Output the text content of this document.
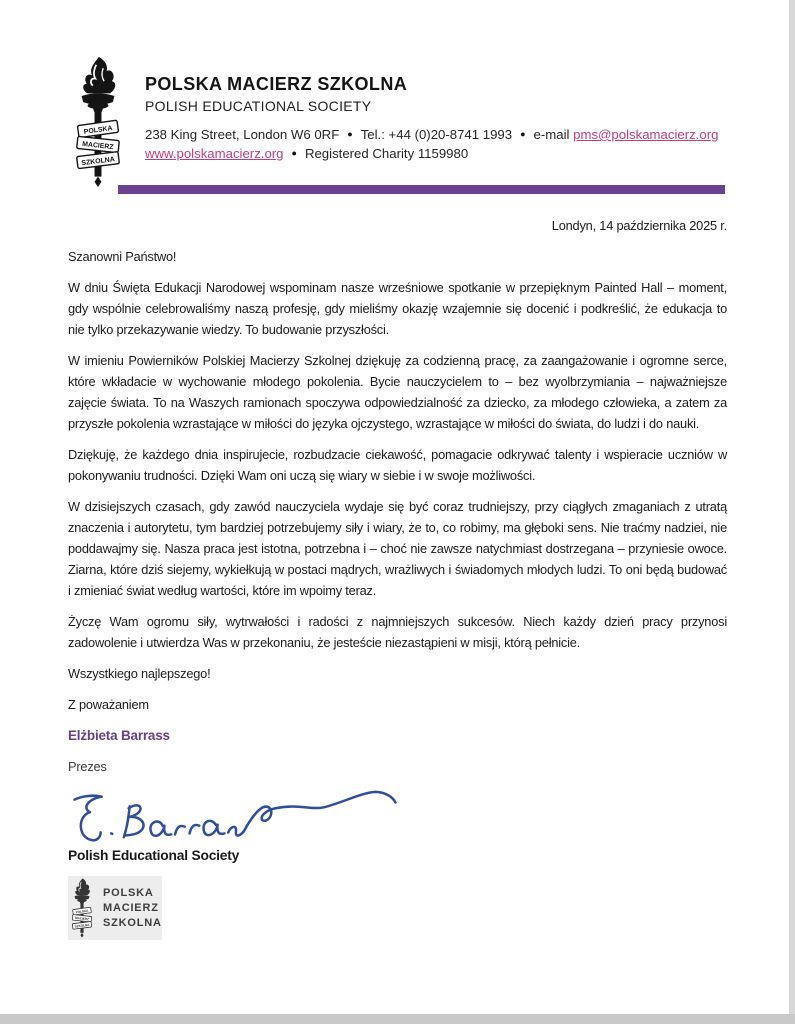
POLSKA
MACIERZ
SZKOLNA
POLSKA MACIERZ SZKOLNA
POLISH EDUCATIONAL SOCIETY
238 King Street, London W6 0RF ● Tel.: +44 (0)20-8741 1993 ● e-mail pms@polskamacierz.org
www.polskamacierz.org ● Registered Charity 1159980

Londyn, 14 października 2025 r.

Szanowni Państwo!

W dniu Święta Edukacji Narodowej wspominam nasze wrześniowe spotkanie w przepięknym Painted Hall – moment, gdy wspólnie celebrowaliśmy naszą profesję, gdy mieliśmy okazję wzajemnie się docenić i podkreślić, że edukacja to nie tylko przekazywanie wiedzy. To budowanie przyszłości.

W imieniu Powierników Polskiej Macierzy Szkolnej dziękuję za codzienną pracę, za zaangażowanie i ogromne serce, które wkładacie w wychowanie młodego pokolenia. Bycie nauczycielem to – bez wyolbrzymiania – najważniejsze zajęcie świata. To na Waszych ramionach spoczywa odpowiedzialność za dziecko, za młodego człowieka, a zatem za przyszłe pokolenia wzrastające w miłości do języka ojczystego, wzrastające w miłości do świata, do ludzi i do nauki.

Dziękuję, że każdego dnia inspirujecie, rozbudzacie ciekawość, pomagacie odkrywać talenty i wspieracie uczniów w pokonywaniu trudności. Dzięki Wam oni uczą się wiary w siebie i w swoje możliwości.

W dzisiejszych czasach, gdy zawód nauczyciela wydaje się być coraz trudniejszy, przy ciągłych zmaganiach z utratą znaczenia i autorytetu, tym bardziej potrzebujemy siły i wiary, że to, co robimy, ma głęboki sens. Nie traćmy nadziei, nie poddawajmy się. Nasza praca jest istotna, potrzebna i – choć nie zawsze natychmiast dostrzegana – przyniesie owoce. Ziarna, które dziś siejemy, wykiełkują w postaci mądrych, wrażliwych i świadomych młodych ludzi. To oni będą budować i zmieniać świat według wartości, które im wpoimy teraz.

Życzę Wam ogromu siły, wytrwałości i radości z najmniejszych sukcesów. Niech każdy dzień pracy przynosi zadowolenie i utwierdza Was w przekonaniu, że jesteście niezastąpieni w misji, którą pełnicie.

Wszystkiego najlepszego!

Z poważaniem

Elżbieta Barrass

Prezes

Polish Educational Society

POLSKA
MACIERZ
SZKOLNA
POLSKA
MACIERZ
SZKOLNA
